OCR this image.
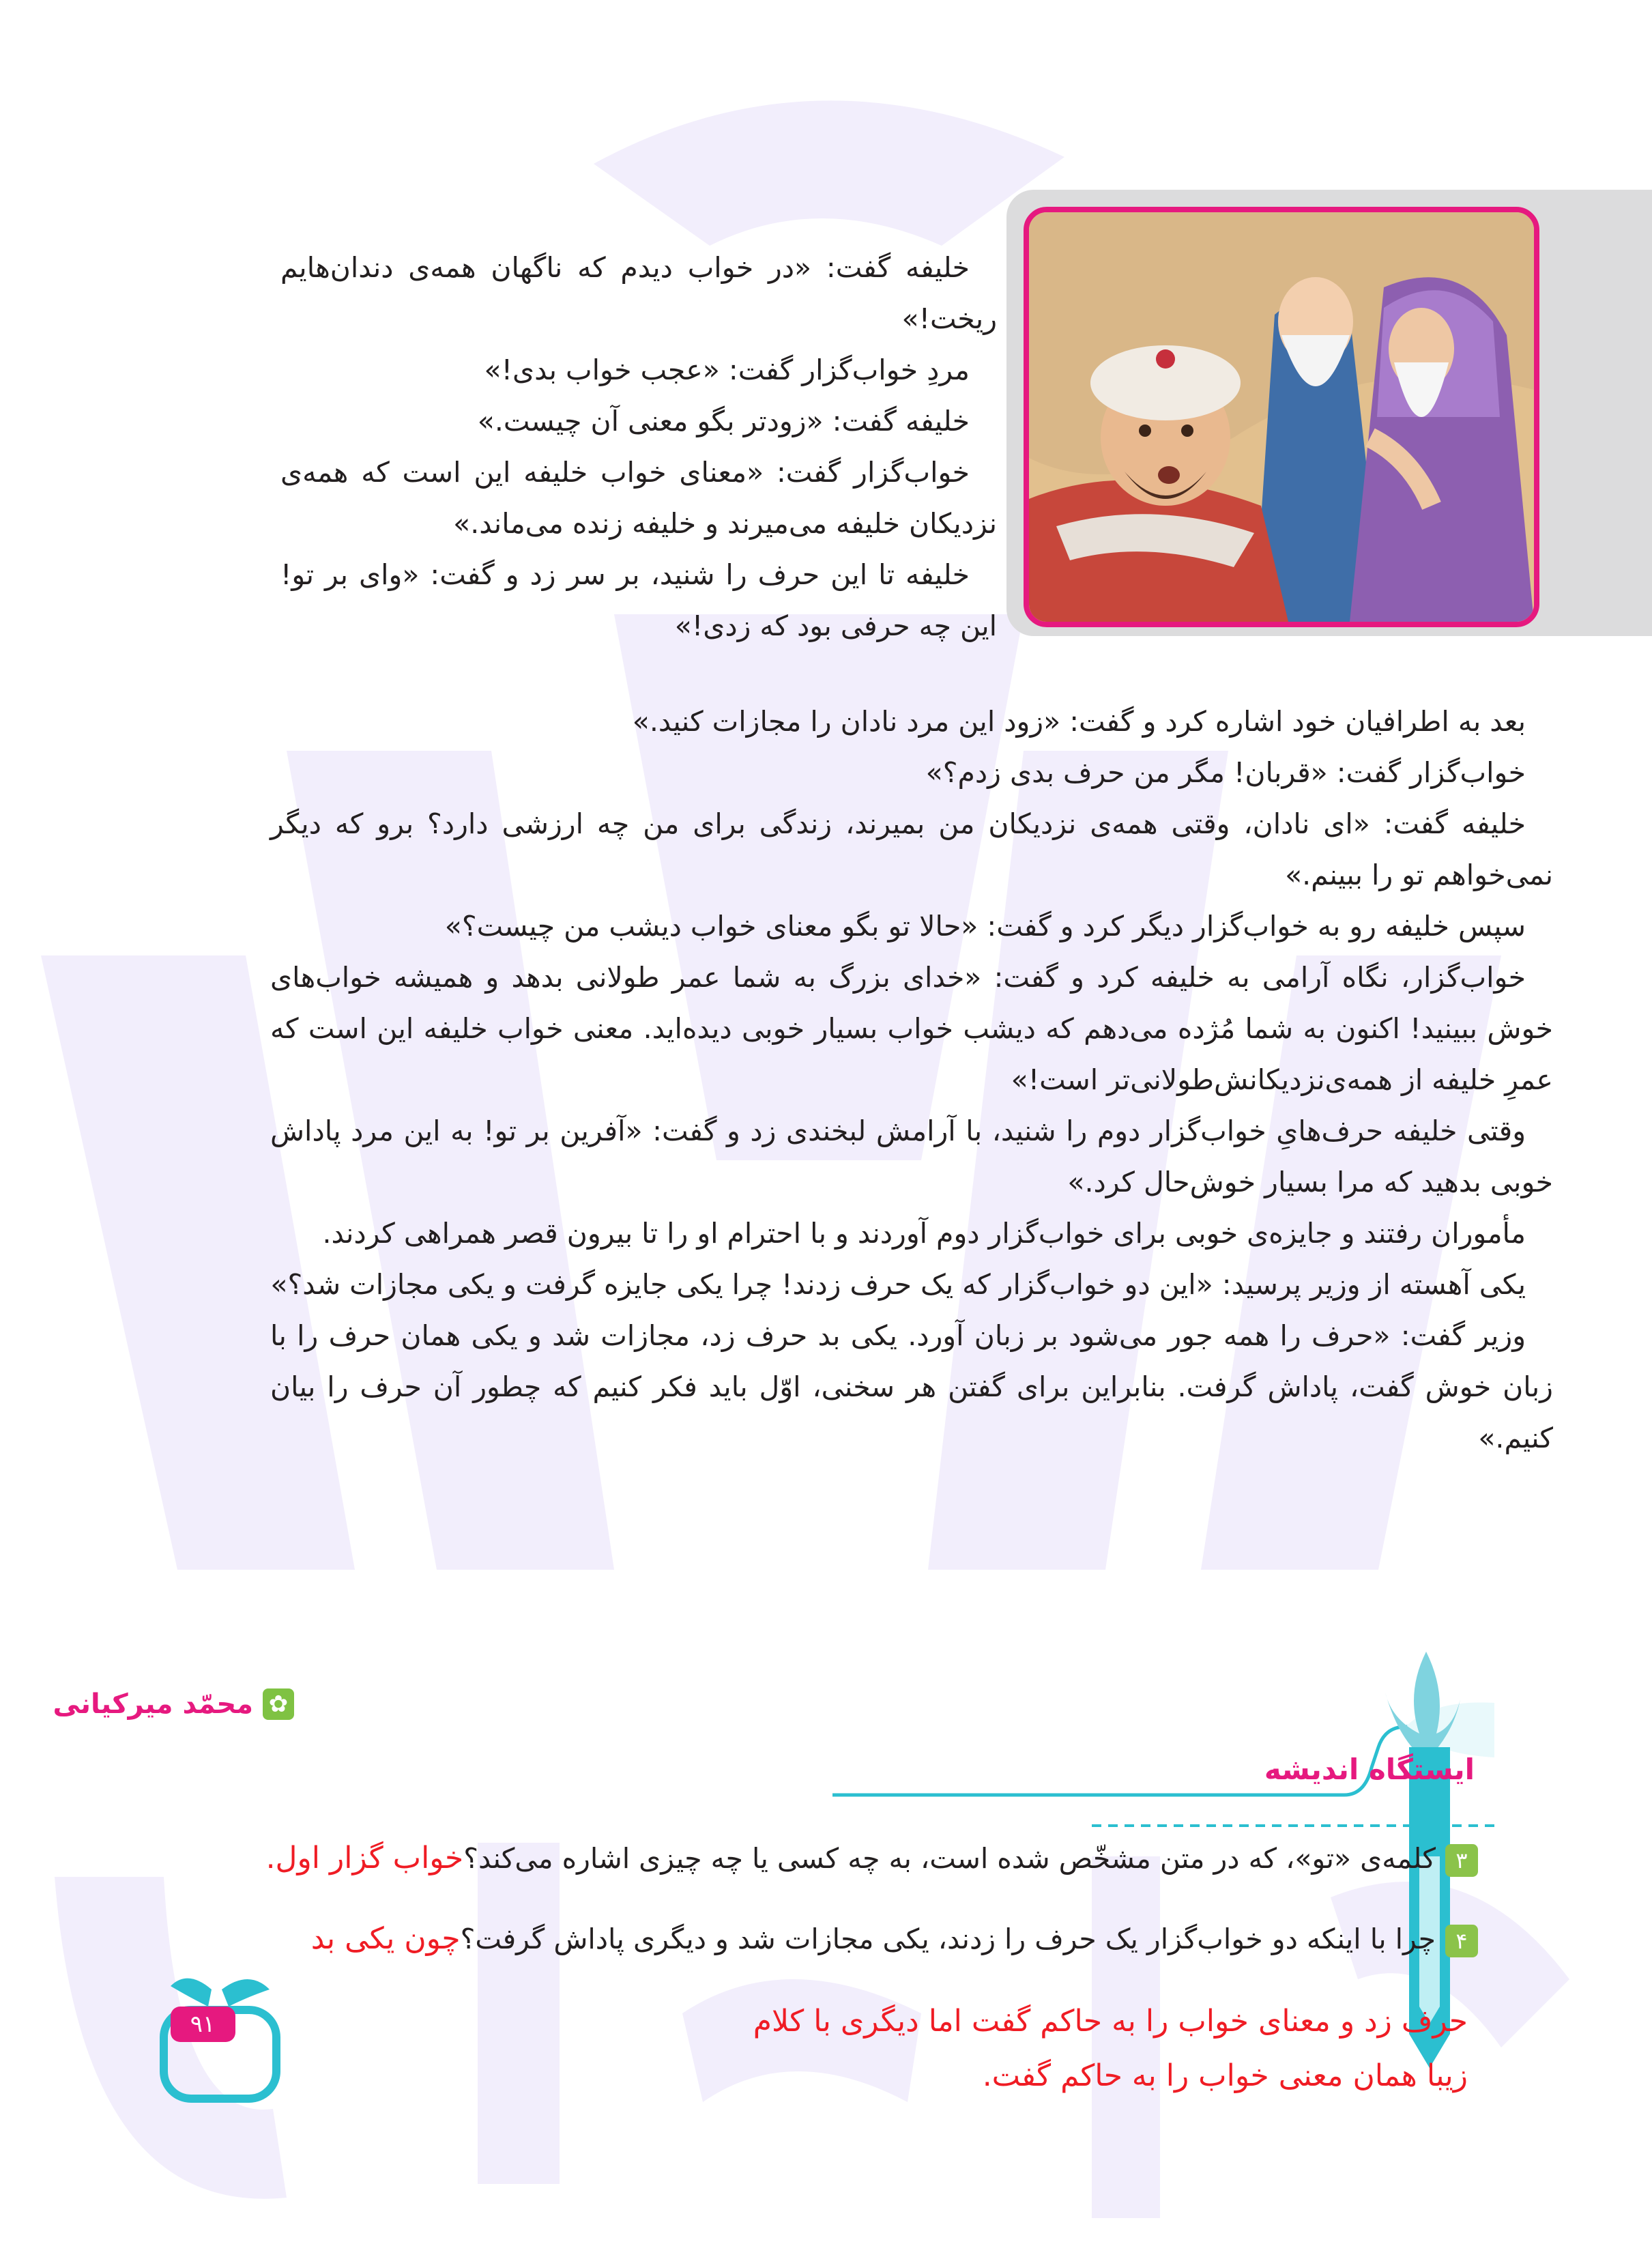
خلیفه گفت: «در خواب دیدم که ناگهان همه‌ی دندان‌هایم ریخت!»

مردِ خواب‌گزار گفت: «عجب خواب بدی!»

خلیفه گفت: «زودتر بگو معنی آن چیست.»

خواب‌گزار گفت: «معنای خواب خلیفه این است که همه‌ی نزدیکان خلیفه می‌میرند و خلیفه زنده می‌ماند.»

خلیفه تا این حرف را شنید، بر سر زد و گفت: «وای بر تو! این چه حرفی بود که زدی!»

بعد به اطرافیان خود اشاره کرد و گفت: «زود این مرد نادان را مجازات کنید.»

خواب‌گزار گفت: «قربان! مگر من حرف بدی زدم؟»

خلیفه گفت: «ای نادان، وقتی همه‌ی نزدیکان من بمیرند، زندگی برای من چه ارزشی دارد؟ برو که دیگر نمی‌خواهم تو را ببینم.»

سپس خلیفه رو به خواب‌گزار دیگر کرد و گفت: «حالا تو بگو معنای خواب دیشب من چیست؟»

خواب‌گزار، نگاه آرامی به خلیفه کرد و گفت: «خدای بزرگ به شما عمر طولانی بدهد و همیشه خواب‌های خوش ببینید! اکنون به شما مُژده می‌دهم که دیشب خواب بسیار خوبی دیده‌اید. معنی خواب خلیفه این است که عمرِ خلیفه از همه‌ی‌نزدیکانش‌طولانی‌تر است!»

وقتی خلیفه حرف‌هایِ خواب‌گزار دوم را شنید، با آرامش لبخندی زد و گفت: «آفرین بر تو! به این مرد پاداش خوبی بدهید که مرا بسیار خوش‌حال کرد.»

مأموران رفتند و جایزه‌ی خوبی برای خواب‌گزار دوم آوردند و با احترام او را تا بیرون قصر همراهی کردند.

یکی آهسته از وزیر پرسید: «این دو خواب‌گزار که یک حرف زدند! چرا یکی جایزه گرفت و یکی مجازات شد؟»

وزیر گفت: «حرف را همه جور می‌شود بر زبان آورد. یکی بد حرف زد، مجازات شد و یکی همان حرف را با زبان خوش گفت، پاداش گرفت. بنابراین برای گفتن هر سخنی، اوّل باید فکر کنیم که چطور آن حرف را بیان کنیم.»

✿
محمّد میرکیانی
ایستگاه اندیشه
۳کلمه‌ی «تو»، که در متن مشخّص شده است، به چه کسی یا چه چیزی اشاره می‌کند؟خواب گزار اول.
۴چرا با اینکه دو خواب‌گزار یک حرف را زدند، یکی مجازات شد و دیگری پاداش گرفت؟چون یکی بد
حرف زد و معنای خواب را به حاکم گفت اما دیگری با کلام زیبا همان معنی خواب را به حاکم گفت.
۹۱
